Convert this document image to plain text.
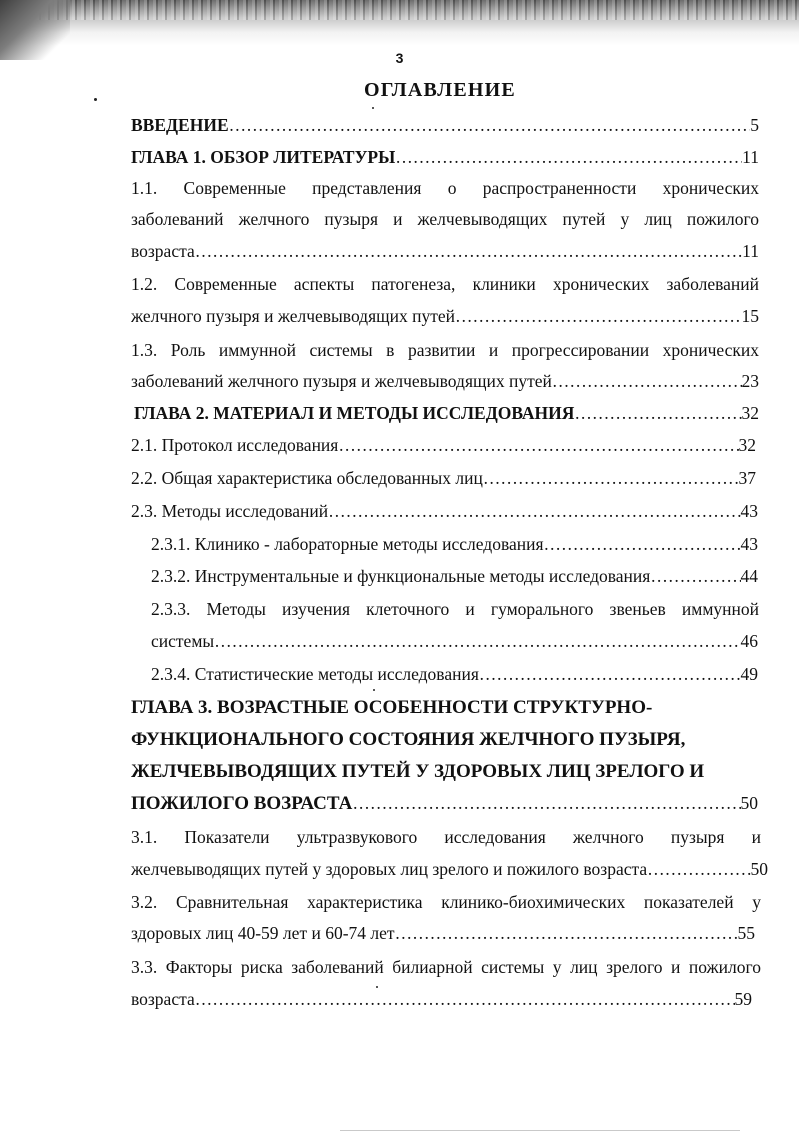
3
ОГЛАВЛЕНИЕ
ВВЕДЕНИЕ ……………………………………………………………………………………………………………………………………………………………………………………………………………………	5
ГЛАВА 1. ОБЗОР ЛИТЕРАТУРЫ ……………………………………………………………………………………………………………………………………………………………………………………………………………………	11
1.1. Современные представления о распространенности хронических
заболеваний желчного пузыря и желчевыводящих путей у лиц пожилого
возраста ……………………………………………………………………………………………………………………………………………………………………………………………………………………	11
1.2. Современные аспекты патогенеза, клиники хронических заболеваний
желчного пузыря и желчевыводящих путей ……………………………………………………………………………………………………………………………………………………………………………………………………………………	15
1.3. Роль иммунной системы в развитии и прогрессировании хронических
заболеваний желчного пузыря и желчевыводящих путей ……………………………………………………………………………………………………………………………………………………………………………………………………………………	23
ГЛАВА 2. МАТЕРИАЛ И МЕТОДЫ ИССЛЕДОВАНИЯ ……………………………………………………………………………………………………………………………………………………………………………………………………………………	32
2.1. Протокол исследования ……………………………………………………………………………………………………………………………………………………………………………………………………………………	32
2.2. Общая характеристика обследованных лиц ……………………………………………………………………………………………………………………………………………………………………………………………………………………	37
2.3. Методы исследований ……………………………………………………………………………………………………………………………………………………………………………………………………………………	43
2.3.1. Клинико - лабораторные методы исследования ……………………………………………………………………………………………………………………………………………………………………………………………………………………	43
2.3.2. Инструментальные и функциональные методы исследования ……………………………………………………………………………………………………………………………………………………………………………………………………………………	44
2.3.3. Методы изучения клеточного и гуморального звеньев иммунной
системы ……………………………………………………………………………………………………………………………………………………………………………………………………………………	46
2.3.4. Статистические методы исследования ……………………………………………………………………………………………………………………………………………………………………………………………………………………	49
ГЛАВА 3. ВОЗРАСТНЫЕ ОСОБЕННОСТИ СТРУКТУРНО-
ФУНКЦИОНАЛЬНОГО СОСТОЯНИЯ ЖЕЛЧНОГО ПУЗЫРЯ,
ЖЕЛЧЕВЫВОДЯЩИХ ПУТЕЙ У ЗДОРОВЫХ ЛИЦ ЗРЕЛОГО И
ПОЖИЛОГО ВОЗРАСТА ……………………………………………………………………………………………………………………………………………………………………………………………………………………	50
3.1. Показатели ультразвукового исследования желчного пузыря и
желчевыводящих путей у здоровых лиц зрелого и пожилого возраста ……………………………………………………………………………………………………………………………………………………………………………………………………………………	50
3.2. Сравнительная характеристика клинико-биохимических показателей у
здоровых лиц 40-59 лет и 60-74 лет ……………………………………………………………………………………………………………………………………………………………………………………………………………………	55
3.3. Факторы риска заболеваний билиарной системы у лиц зрелого и пожилого
возраста ……………………………………………………………………………………………………………………………………………………………………………………………………………………	59
